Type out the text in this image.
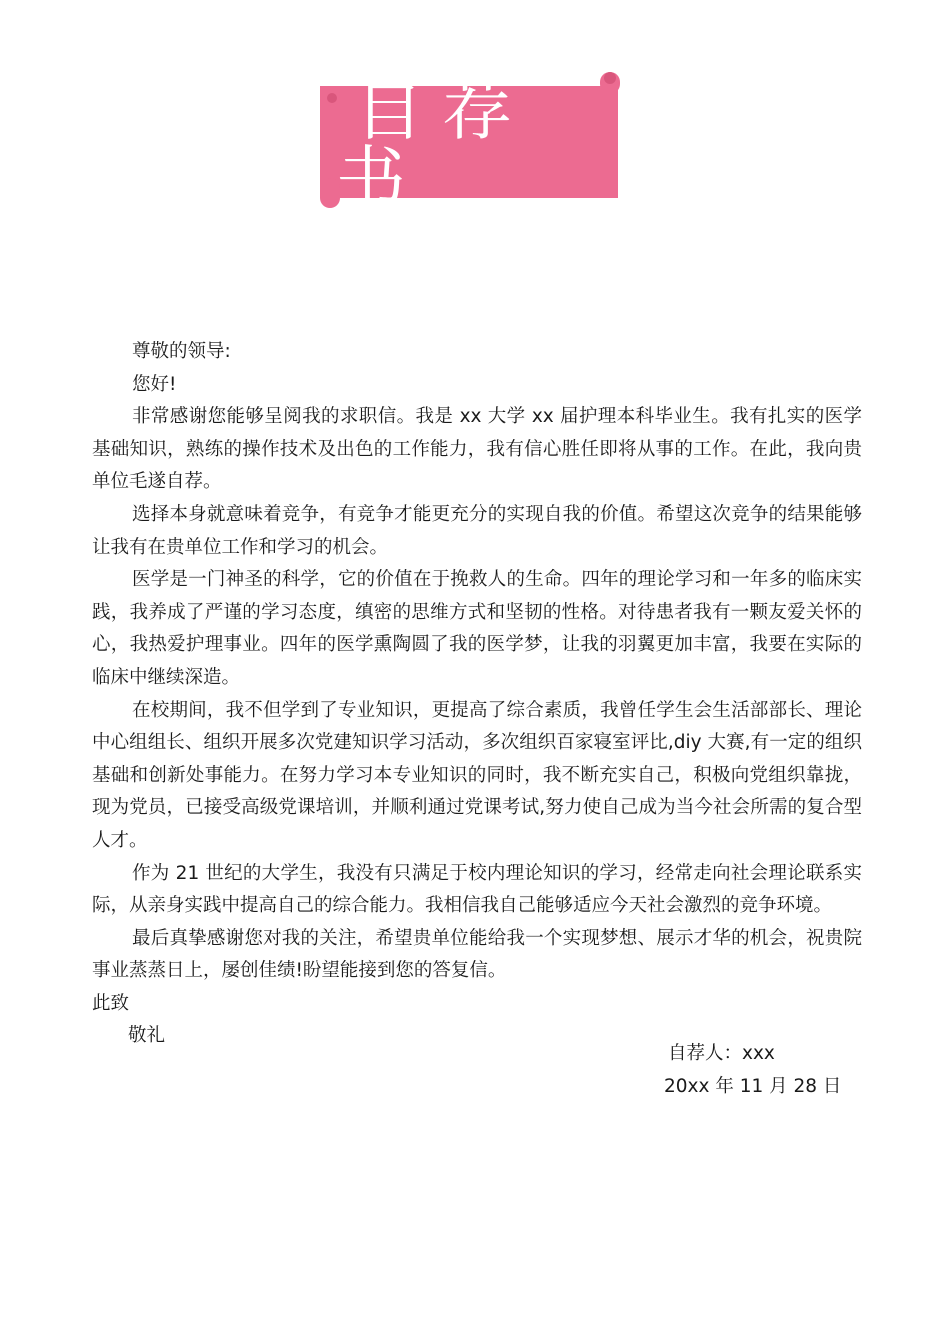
自荐书

尊敬的领导:

您好!

非常感谢您能够呈阅我的求职信。我是 xx 大学 xx 届护理本科毕业生。我有扎实的医学基础知识，熟练的操作技术及出色的工作能力，我有信心胜任即将从事的工作。在此，我向贵单位毛遂自荐。

选择本身就意味着竞争，有竞争才能更充分的实现自我的价值。希望这次竞争的结果能够让我有在贵单位工作和学习的机会。

医学是一门神圣的科学，它的价值在于挽救人的生命。四年的理论学习和一年多的临床实践，我养成了严谨的学习态度，缜密的思维方式和坚韧的性格。对待患者我有一颗友爱关怀的心，我热爱护理事业。四年的医学熏陶圆了我的医学梦，让我的羽翼更加丰富，我要在实际的临床中继续深造。

在校期间，我不但学到了专业知识，更提高了综合素质，我曾任学生会生活部部长、理论中心组组长、组织开展多次党建知识学习活动，多次组织百家寝室评比,diy 大赛,有一定的组织基础和创新处事能力。在努力学习本专业知识的同时，我不断充实自己，积极向党组织靠拢，现为党员，已接受高级党课培训，并顺利通过党课考试,努力使自己成为当今社会所需的复合型人才。

作为 21 世纪的大学生，我没有只满足于校内理论知识的学习，经常走向社会理论联系实际，从亲身实践中提高自己的综合能力。我相信我自己能够适应今天社会激烈的竞争环境。

最后真挚感谢您对我的关注，希望贵单位能给我一个实现梦想、展示才华的机会，祝贵院事业蒸蒸日上，屡创佳绩!盼望能接到您的答复信。

此致

敬礼

自荐人：xxx
20xx 年 11 月 28 日
